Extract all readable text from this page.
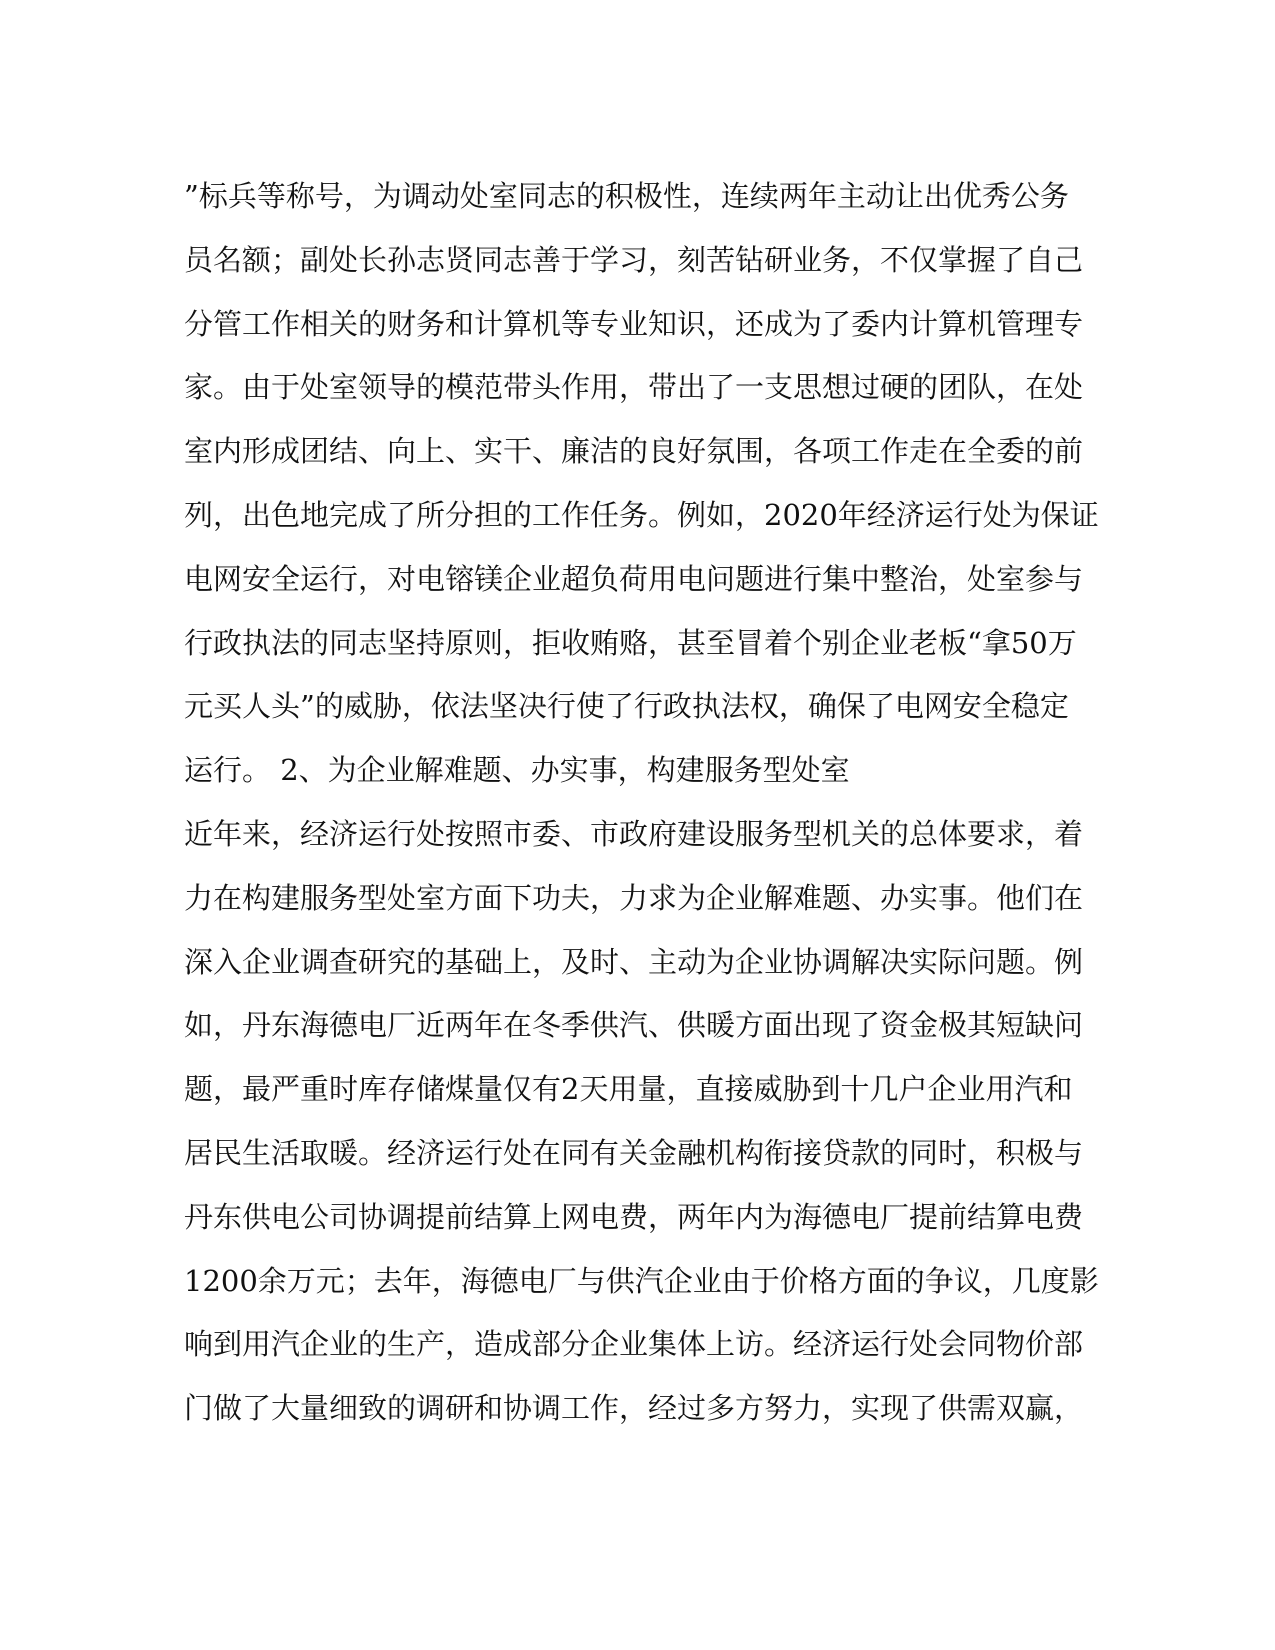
”标兵等称号，为调动处室同志的积极性，连续两年主动让出优秀公务
员名额；副处长孙志贤同志善于学习，刻苦钻研业务，不仅掌握了自己
分管工作相关的财务和计算机等专业知识，还成为了委内计算机管理专
家。由于处室领导的模范带头作用，带出了一支思想过硬的团队，在处
室内形成团结、向上、实干、廉洁的良好氛围，各项工作走在全委的前
列，出色地完成了所分担的工作任务。例如，2020年经济运行处为保证
电网安全运行，对电镕镁企业超负荷用电问题进行集中整治，处室参与
行政执法的同志坚持原则，拒收贿赂，甚至冒着个别企业老板“拿50万
元买人头”的威胁，依法坚决行使了行政执法权，确保了电网安全稳定
运行。 2、为企业解难题、办实事，构建服务型处室
近年来，经济运行处按照市委、市政府建设服务型机关的总体要求，着
力在构建服务型处室方面下功夫，力求为企业解难题、办实事。他们在
深入企业调查研究的基础上，及时、主动为企业协调解决实际问题。例
如，丹东海德电厂近两年在冬季供汽、供暖方面出现了资金极其短缺问
题，最严重时库存储煤量仅有2天用量，直接威胁到十几户企业用汽和
居民生活取暖。经济运行处在同有关金融机构衔接贷款的同时，积极与
丹东供电公司协调提前结算上网电费，两年内为海德电厂提前结算电费
1200余万元；去年，海德电厂与供汽企业由于价格方面的争议，几度影
响到用汽企业的生产，造成部分企业集体上访。经济运行处会同物价部
门做了大量细致的调研和协调工作，经过多方努力，实现了供需双赢，
